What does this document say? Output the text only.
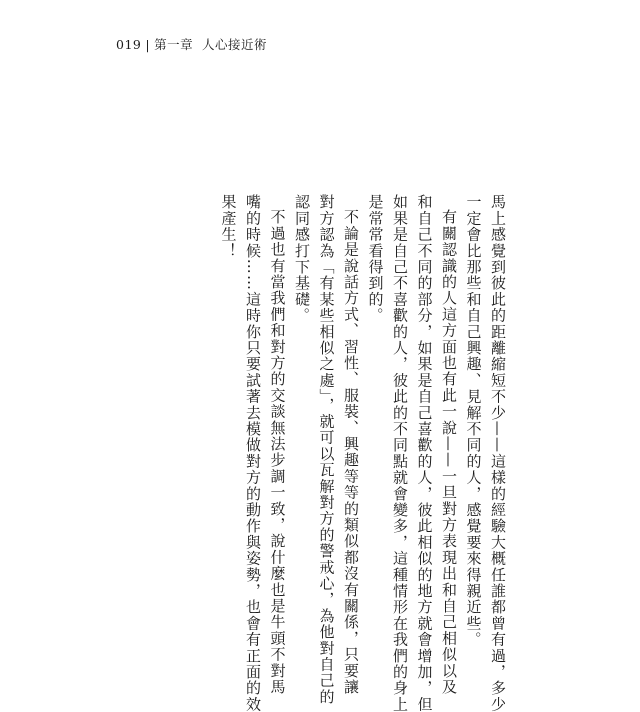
019 | 第一章 人心接近術

馬上感覺到彼此的距離縮短不少——這樣的經驗大概任誰都曾有過，多少

一定會比那些和自己興趣、見解不同的人，感覺要來得親近些。

有關認識的人這方面也有此一說——一旦對方表現出和自己相似以及

和自己不同的部分，如果是自己喜歡的人，彼此相似的地方就會增加，但

如果是自己不喜歡的人，彼此的不同點就會變多，這種情形在我們的身上

是常常看得到的。

不論是說話方式、習性、服裝、興趣等等的類似都沒有關係，只要讓

對方認為「有某些相似之處」，就可以瓦解對方的警戒心，為他對自己的

認同感打下基礎。

不過也有當我們和對方的交談無法步調一致，說什麼也是牛頭不對馬

嘴的時候……這時你只要試著去模做對方的動作與姿勢，也會有正面的效

果產生！
